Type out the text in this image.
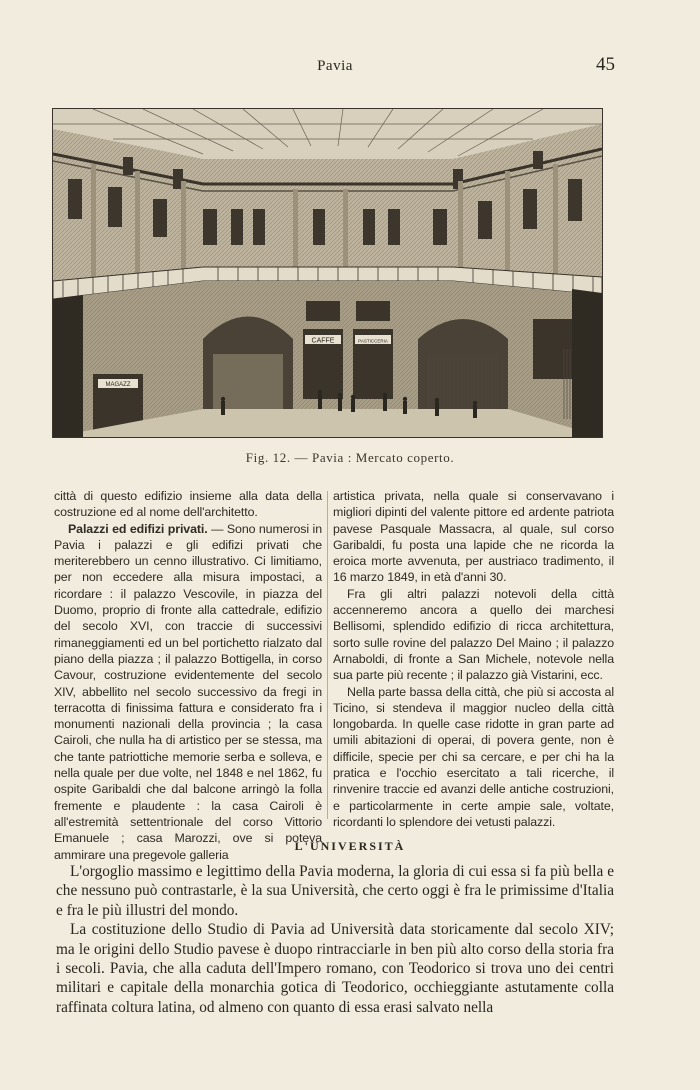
Pavia	45
CAFFE	PASTICCERIA
MAGAZZ
Fig. 12. — Pavia : Mercato coperto.

città di questo edifizio insieme alla data della costruzione ed al nome dell'architetto.

Palazzi ed edifizi privati. — Sono numerosi in Pavia i palazzi e gli edifizi privati che meriterebbero un cenno illustrativo. Ci limitiamo, per non eccedere alla misura impostaci, a ricordare : il palazzo Vescovile, in piazza del Duomo, proprio di fronte alla cattedrale, edifizio del secolo XVI, con traccie di successivi rimaneggiamenti ed un bel portichetto rialzato dal piano della piazza ; il palazzo Bottigella, in corso Cavour, costruzione evidentemente del secolo XIV, abbellito nel secolo successivo da fregi in terracotta di finissima fattura e considerato fra i monumenti nazionali della provincia ; la casa Cairoli, che nulla ha di artistico per se stessa, ma che tante patriottiche memorie serba e solleva, e nella quale per due volte, nel 1848 e nel 1862, fu ospite Garibaldi che dal balcone arringò la folla fremente e plaudente : la casa Cairoli è all'estremità settentrionale del corso Vittorio Emanuele ; casa Marozzi, ove si poteva ammirare una pregevole galleria

artistica privata, nella quale si conservavano i migliori dipinti del valente pittore ed ardente patriota pavese Pasquale Massacra, al quale, sul corso Garibaldi, fu posta una lapide che ne ricorda la eroica morte avvenuta, per austriaco tradimento, il 16 marzo 1849, in età d'anni 30.

Fra gli altri palazzi notevoli della città accenneremo ancora a quello dei marchesi Bellisomi, splendido edifizio di ricca architettura, sorto sulle rovine del palazzo Del Maino ; il palazzo Arnaboldi, di fronte a San Michele, notevole nella sua parte più recente ; il palazzo già Vistarini, ecc.

Nella parte bassa della città, che più si accosta al Ticino, si stendeva il maggior nucleo della città longobarda. In quelle case ridotte in gran parte ad umili abitazioni di operai, di povera gente, non è difficile, specie per chi sa cercare, e per chi ha la pratica e l'occhio esercitato a tali ricerche, il rinvenire traccie ed avanzi delle antiche costruzioni, e particolarmente in certe ampie sale, voltate, ricordanti lo splendore dei vetusti palazzi.

L'UNIVERSITÀ

L'orgoglio massimo e legittimo della Pavia moderna, la gloria di cui essa si fa più bella e che nessuno può contrastarle, è la sua Università, che certo oggi è fra le primissime d'Italia e fra le più illustri del mondo.

La costituzione dello Studio di Pavia ad Università data storicamente dal secolo XIV; ma le origini dello Studio pavese è duopo rintracciarle in ben più alto corso della storia fra i secoli. Pavia, che alla caduta dell'Impero romano, con Teodorico si trova uno dei centri militari e capitale della monarchia gotica di Teodorico, occhieggiante astutamente colla raffinata coltura latina, od almeno con quanto di essa erasi salvato nella
